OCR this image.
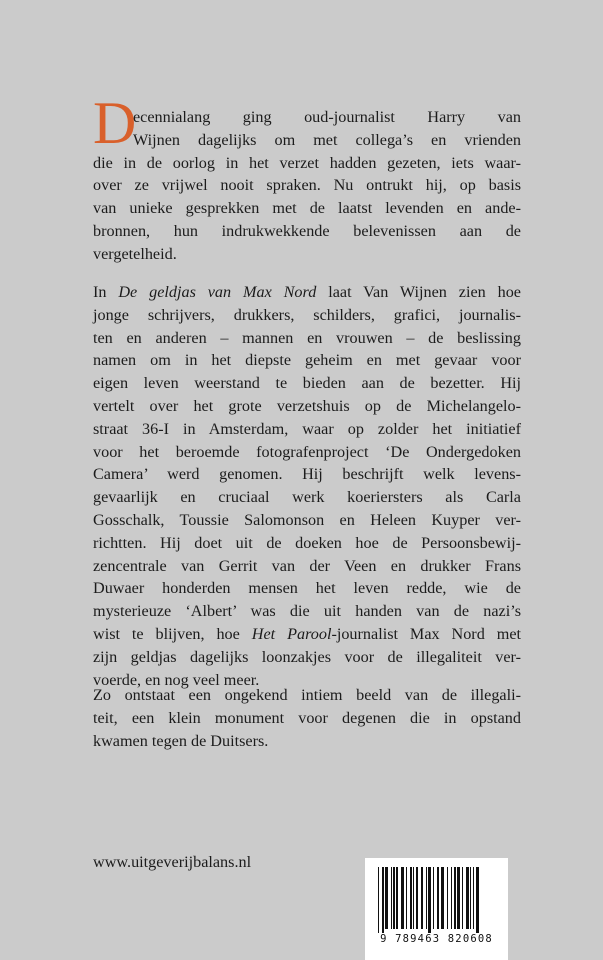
D
ecennialang ging oud-journalist Harry van
Wijnen dagelijks om met collega’s en vrienden
die in de oorlog in het verzet hadden gezeten, iets waar-
over ze vrijwel nooit spraken. Nu ontrukt hij, op basis
van unieke gesprekken met de laatst levenden en ande-
bronnen, hun indrukwekkende belevenissen aan de
vergetelheid.
In De geldjas van Max Nord laat Van Wijnen zien hoe
jonge schrijvers, drukkers, schilders, grafici, journalis-
ten en anderen – mannen en vrouwen – de beslissing
namen om in het diepste geheim en met gevaar voor
eigen leven weerstand te bieden aan de bezetter. Hij
vertelt over het grote verzetshuis op de Michelangelo-
straat 36-I in Amsterdam, waar op zolder het initiatief
voor het beroemde fotografenproject ‘De Ondergedoken
Camera’ werd genomen. Hij beschrijft welk levens-
gevaarlijk en cruciaal werk koeriersters als Carla
Gosschalk, Toussie Salomonson en Heleen Kuyper ver-
richtten. Hij doet uit de doeken hoe de Persoonsbewij-
zencentrale van Gerrit van der Veen en drukker Frans
Duwaer honderden mensen het leven redde, wie de
mysterieuze ‘Albert’ was die uit handen van de nazi’s
wist te blijven, hoe Het Parool-journalist Max Nord met
zijn geldjas dagelijks loonzakjes voor de illegaliteit ver-
voerde, en nog veel meer.
Zo ontstaat een ongekend intiem beeld van de illegali-
teit, een klein monument voor degenen die in opstand
kwamen tegen de Duitsers.
www.uitgeverijbalans.nl
9 789463 820608
